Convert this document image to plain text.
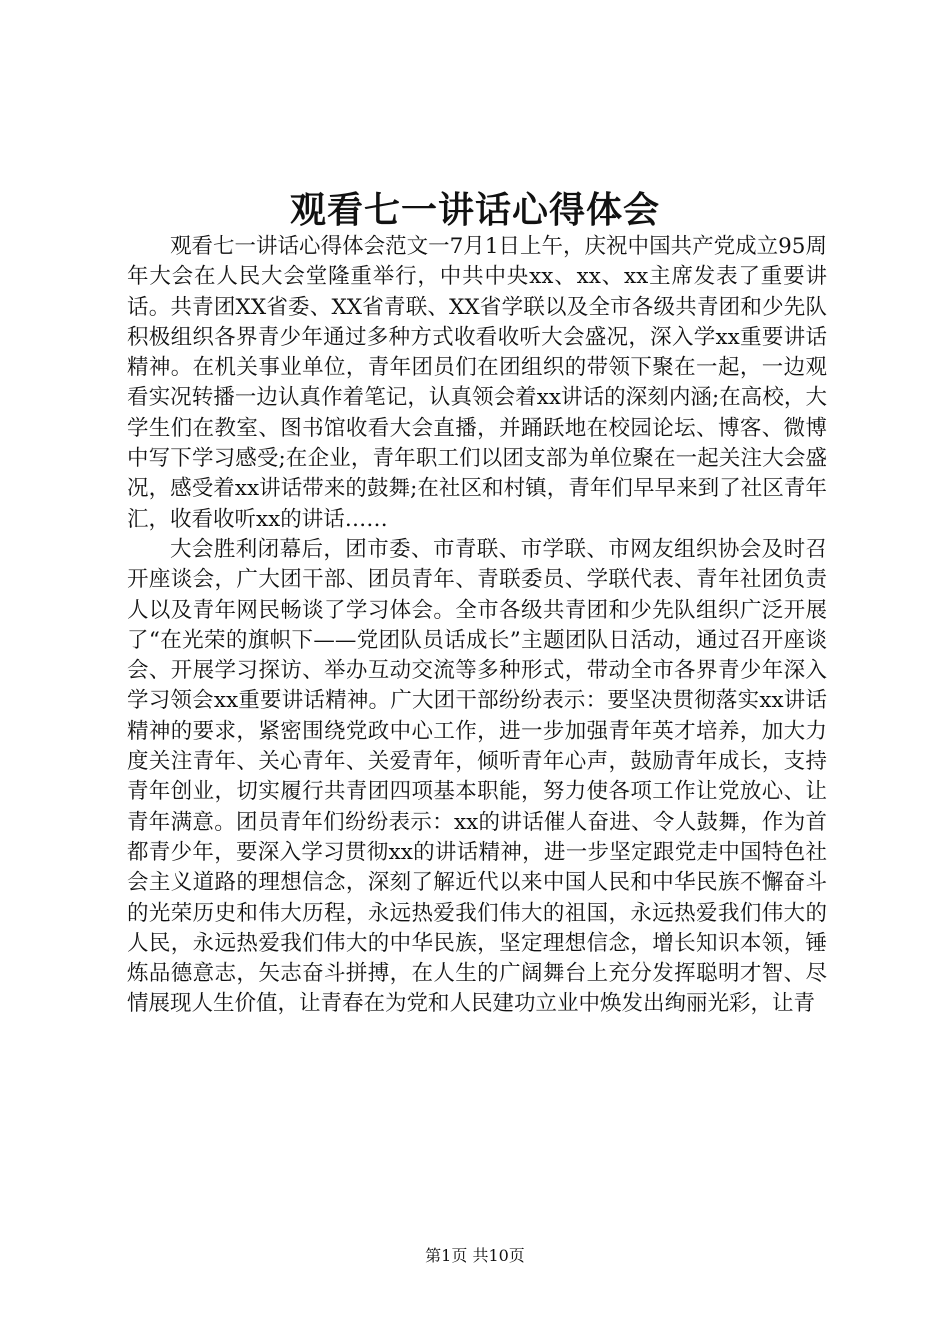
观看七一讲话心得体会

观看七一讲话心得体会范文一7月1日上午，庆祝中国共产党成立95周年大会在人民大会堂隆重举行，中共中央xx、xx、xx主席发表了重要讲话。共青团XX省委、XX省青联、XX省学联以及全市各级共青团和少先队积极组织各界青少年通过多种方式收看收听大会盛况，深入学xx重要讲话精神。在机关事业单位，青年团员们在团组织的带领下聚在一起，一边观看实况转播一边认真作着笔记，认真领会着xx讲话的深刻内涵;在高校，大学生们在教室、图书馆收看大会直播，并踊跃地在校园论坛、博客、微博中写下学习感受;在企业，青年职工们以团支部为单位聚在一起关注大会盛况，感受着xx讲话带来的鼓舞;在社区和村镇，青年们早早来到了社区青年汇，收看收听xx的讲话……

大会胜利闭幕后，团市委、市青联、市学联、市网友组织协会及时召开座谈会，广大团干部、团员青年、青联委员、学联代表、青年社团负责人以及青年网民畅谈了学习体会。全市各级共青团和少先队组织广泛开展了“在光荣的旗帜下——党团队员话成长”主题团队日活动，通过召开座谈会、开展学习探访、举办互动交流等多种形式，带动全市各界青少年深入学习领会xx重要讲话精神。广大团干部纷纷表示：要坚决贯彻落实xx讲话精神的要求，紧密围绕党政中心工作，进一步加强青年英才培养，加大力度关注青年、关心青年、关爱青年，倾听青年心声，鼓励青年成长，支持青年创业，切实履行共青团四项基本职能，努力使各项工作让党放心、让青年满意。团员青年们纷纷表示：xx的讲话催人奋进、令人鼓舞，作为首都青少年，要深入学习贯彻xx的讲话精神，进一步坚定跟党走中国特色社会主义道路的理想信念，深刻了解近代以来中国人民和中华民族不懈奋斗的光荣历史和伟大历程，永远热爱我们伟大的祖国，永远热爱我们伟大的人民，永远热爱我们伟大的中华民族，坚定理想信念，增长知识本领，锤炼品德意志，矢志奋斗拼搏，在人生的广阔舞台上充分发挥聪明才智、尽情展现人生价值，让青春在为党和人民建功立业中焕发出绚丽光彩，让青

第1页 共10页
